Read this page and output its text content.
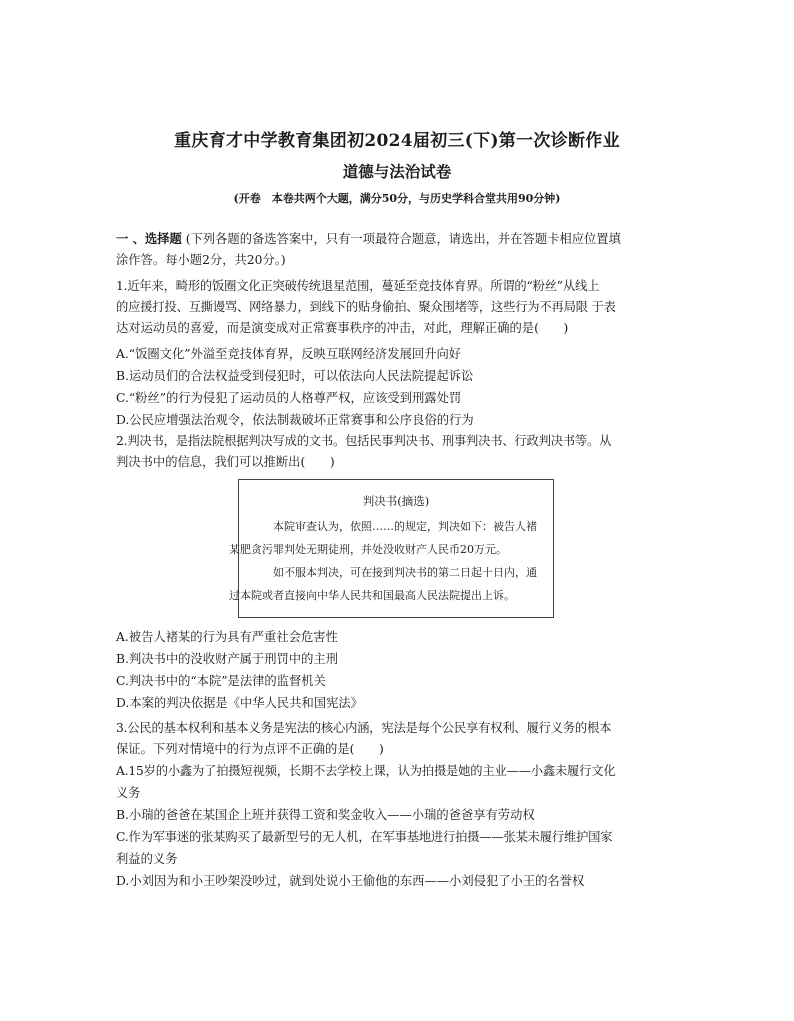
重庆育才中学教育集团初2024届初三(下)第一次诊断作业
道德与法治试卷
(开卷　本卷共两个大题，满分50分，与历史学科合堂共用90分钟)
一 、选择题 (下列各题的备选答案中，只有一项最符合题意，请选出，并在答题卡相应位置填
涂作答。每小题2分，共20分。)
1.近年来，畸形的饭圈文化正突破传统退星范围，蔓延至竞技体育界。所谓的“粉丝”从线上
的应援打投、互撕谩骂、网络暴力，到线下的贴身偷拍、聚众围堵等，这些行为不再局限 于表
达对运动员的喜爱，而是演变成对正常赛事秩序的冲击，对此，理解正确的是(　　)
A.“饭圈文化”外溢至竞技体育界，反映互联网经济发展回升向好
B.运动员们的合法权益受到侵犯时，可以依法向人民法院提起诉讼
C.“粉丝”的行为侵犯了运动员的人格尊严权，应该受到刑露处罚
D.公民应增强法治观令，依法制裁破坏正常赛事和公序良俗的行为
2.判决书，是指法院根据判决写成的文书。包括民事判决书、刑事判决书、行政判决书等。从
判决书中的信息，我们可以推断出(　　)
判决书(摘选)

本院审查认为，依照……的规定，判决如下：被告人褚
某肥贪污罪判处无期徒刑，并处没收财产人民币20万元。

如不服本判决，可在接到判决书的第二日起十日内，通
过本院或者直接向中华人民共和国最高人民法院提出上诉。

A.被告人褚某的行为具有严重社会危害性
B.判决书中的没收财产属于刑罚中的主刑
C.判决书中的“本院”是法律的监督机关
D.本案的判决依据是《中华人民共和国宪法》
3.公民的基本权利和基本义务是宪法的核心内涵，宪法是每个公民享有权利、履行义务的根本
保证。下列对情境中的行为点评不正确的是(　　)
A.15岁的小鑫为了拍摄短视频，长期不去学校上课，认为拍摄是她的主业——小鑫未履行文化
义务
B.小瑞的爸爸在某国企上班并获得工资和奖金收入——小瑞的爸爸享有劳动权
C.作为军事迷的张某购买了最新型号的无人机，在军事基地进行拍摄——张某未履行维护国家
利益的义务
D.小刘因为和小王吵架没吵过，就到处说小王偷他的东西——小刘侵犯了小王的名誉权
